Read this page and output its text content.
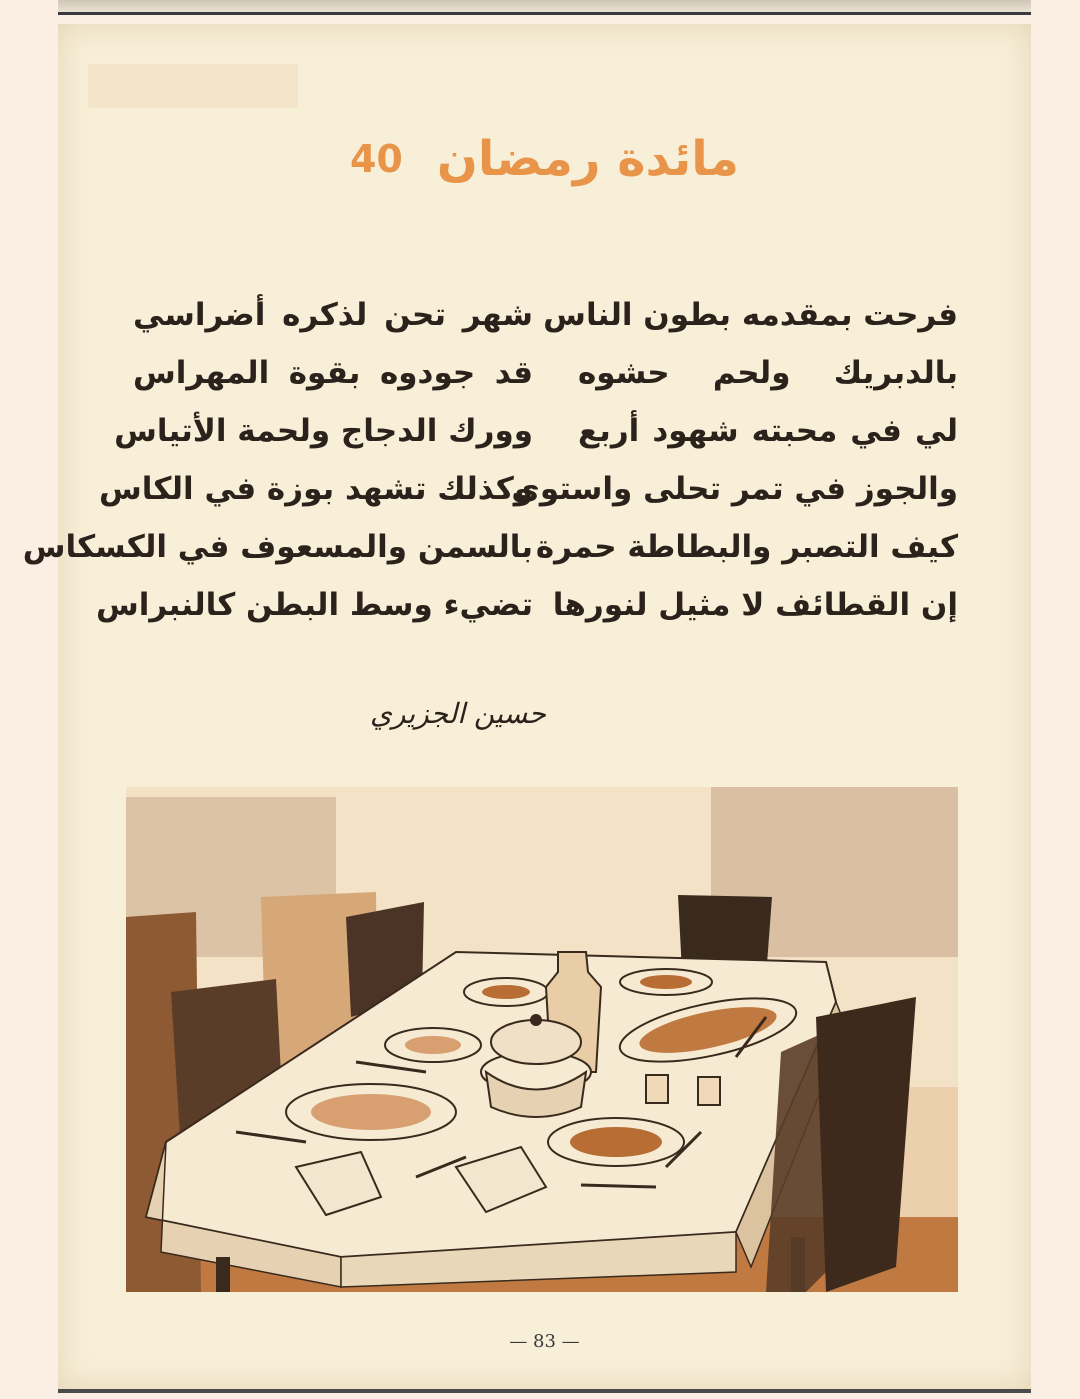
40 مائدة رمضان
فرحت بمقدمه بطون الناس
بالدبريك ولحم حشوه
لي في محبته شهود أربع
والجوز في تمر تحلى واستوى
كيف التصبر والبطاطة حمرة
إن القطائف لا مثيل لنورها
شهر تحن لذكره أضراسي
قد جودوه بقوة المهراس
وورك الدجاج ولحمة الأتياس
وكذلك تشهد بوزة في الكاس
بالسمن والمسعوف في الكسكاس
تضيء وسط البطن كالنبراس
حسين الجزيري
— 83 —
